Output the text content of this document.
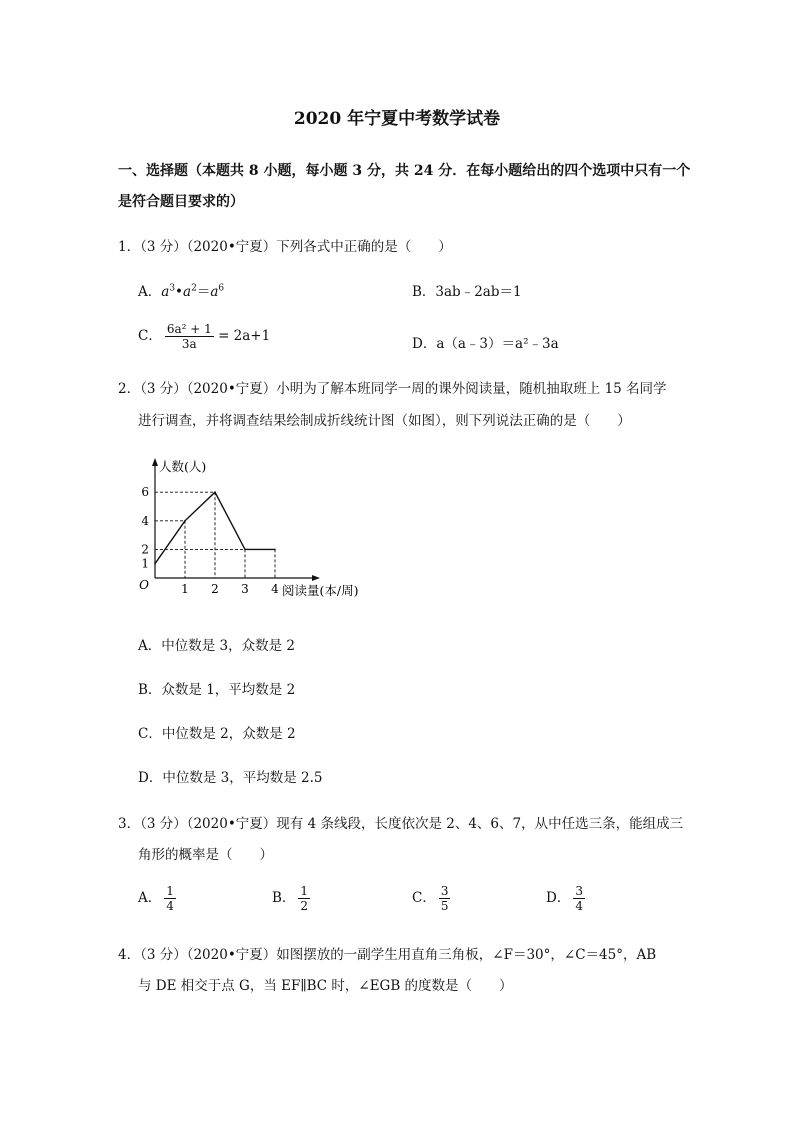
2020 年宁夏中考数学试卷
一、选择题（本题共 8 小题，每小题 3 分，共 24 分．在每小题给出的四个选项中只有一个
是符合题目要求的）
1．（3 分）（2020•宁夏）下列各式中正确的是（　　）
A．$a^3•a^2=a^6$	B．3ab﹣2ab＝1
C． $\frac{\text{6a² + 1}}{3a} = 2a+1$	D．a（a﹣3）＝a²﹣3a
2．（3 分）（2020•宁夏）小明为了解本班同学一周的课外阅读量，随机抽取班上 15 名同学
进行调查，并将调查结果绘制成折线统计图（如图），则下列说法正确的是（　　）
1 2 3 4
1
2
4
6
O
人数(人)
阅读量(本/周)
A．中位数是 3，众数是 2
B．众数是 1，平均数是 2
C．中位数是 2，众数是 2
D．中位数是 3，平均数是 2.5
3．（3 分）（2020•宁夏）现有 4 条线段，长度依次是 2、4、6、7，从中任选三条，能组成三
角形的概率是（　　）
A． $\frac{1}{4}$	B． $\frac{1}{2}$	C． $\frac{3}{5}$	D． $\frac{3}{4}$
4．（3 分）（2020•宁夏）如图摆放的一副学生用直角三角板，∠F＝30°，∠C＝45°，AB
与 DE 相交于点 G，当 EF∥BC 时，∠EGB 的度数是（　　）
